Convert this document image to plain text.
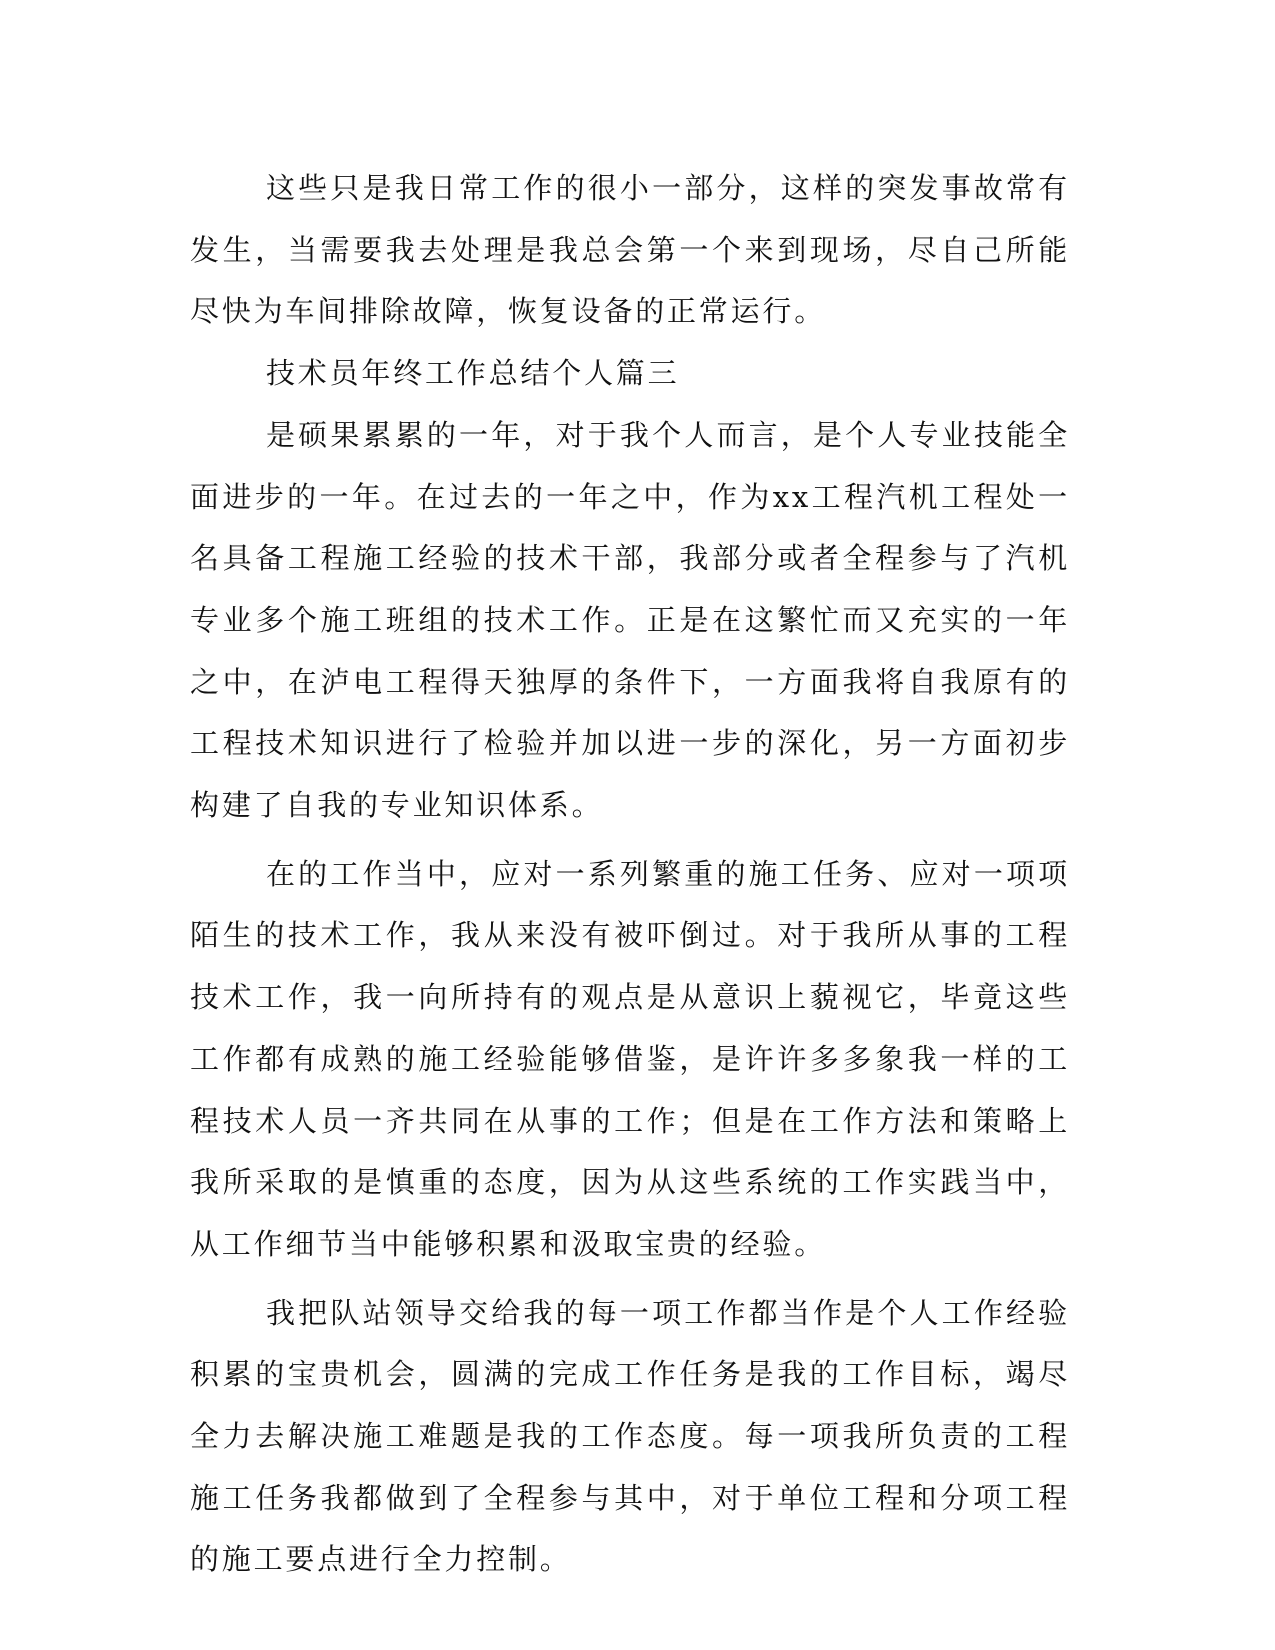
这些只是我日常工作的很小一部分，这样的突发事故常有发生，当需要我去处理是我总会第一个来到现场，尽自己所能尽快为车间排除故障，恢复设备的正常运行。

技术员年终工作总结个人篇三

是硕果累累的一年，对于我个人而言，是个人专业技能全面进步的一年。在过去的一年之中，作为xx工程汽机工程处一名具备工程施工经验的技术干部，我部分或者全程参与了汽机专业多个施工班组的技术工作。正是在这繁忙而又充实的一年之中，在泸电工程得天独厚的条件下，一方面我将自我原有的工程技术知识进行了检验并加以进一步的深化，另一方面初步构建了自我的专业知识体系。

在的工作当中，应对一系列繁重的施工任务、应对一项项陌生的技术工作，我从来没有被吓倒过。对于我所从事的工程技术工作，我一向所持有的观点是从意识上藐视它，毕竟这些工作都有成熟的施工经验能够借鉴，是许许多多象我一样的工程技术人员一齐共同在从事的工作；但是在工作方法和策略上我所采取的是慎重的态度，因为从这些系统的工作实践当中，从工作细节当中能够积累和汲取宝贵的经验。

我把队站领导交给我的每一项工作都当作是个人工作经验积累的宝贵机会，圆满的完成工作任务是我的工作目标，竭尽全力去解决施工难题是我的工作态度。每一项我所负责的工程施工任务我都做到了全程参与其中，对于单位工程和分项工程的施工要点进行全力控制。
